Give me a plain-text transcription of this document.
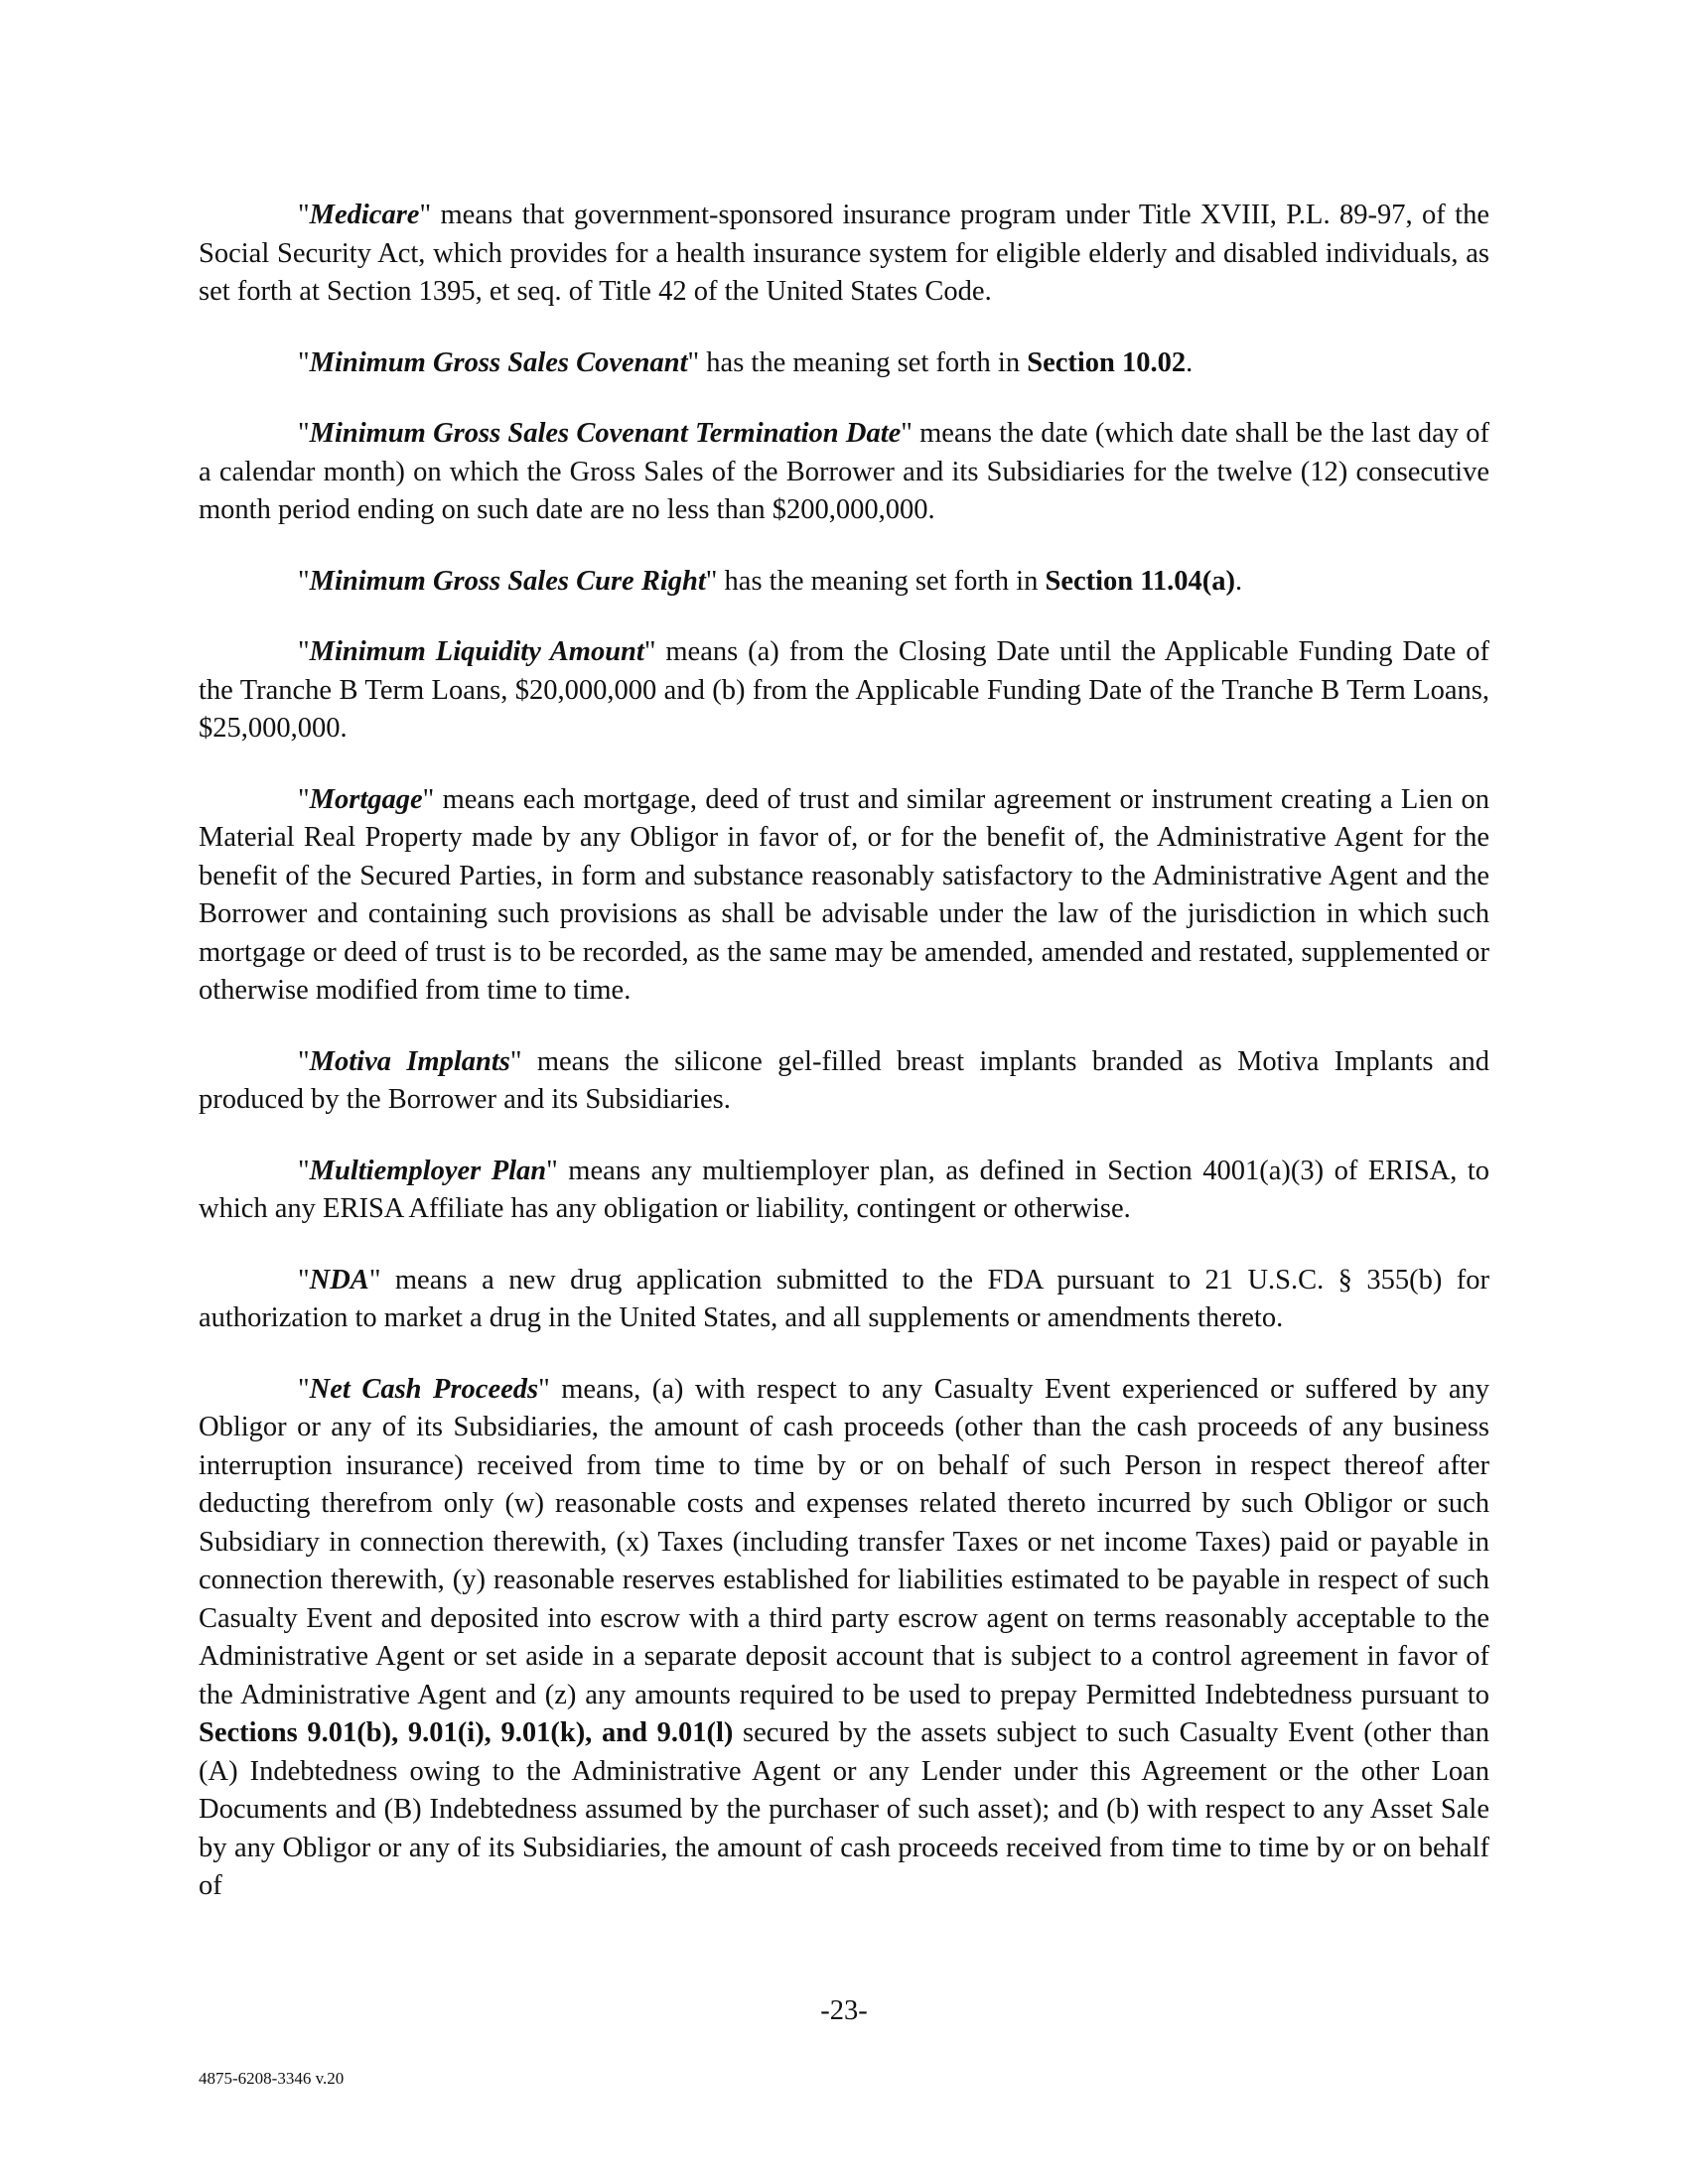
"Medicare" means that government-sponsored insurance program under Title XVIII, P.L. 89-97, of the Social Security Act, which provides for a health insurance system for eligible elderly and disabled individuals, as set forth at Section 1395, et seq. of Title 42 of the United States Code.

"Minimum Gross Sales Covenant" has the meaning set forth in Section 10.02.

"Minimum Gross Sales Covenant Termination Date" means the date (which date shall be the last day of a calendar month) on which the Gross Sales of the Borrower and its Subsidiaries for the twelve (12) consecutive month period ending on such date are no less than $200,000,000.

"Minimum Gross Sales Cure Right" has the meaning set forth in Section 11.04(a).

"Minimum Liquidity Amount" means (a) from the Closing Date until the Applicable Funding Date of the Tranche B Term Loans, $20,000,000 and (b) from the Applicable Funding Date of the Tranche B Term Loans, $25,000,000.

"Mortgage" means each mortgage, deed of trust and similar agreement or instrument creating a Lien on Material Real Property made by any Obligor in favor of, or for the benefit of, the Administrative Agent for the benefit of the Secured Parties, in form and substance reasonably satisfactory to the Administrative Agent and the Borrower and containing such provisions as shall be advisable under the law of the jurisdiction in which such mortgage or deed of trust is to be recorded, as the same may be amended, amended and restated, supplemented or otherwise modified from time to time.

"Motiva Implants" means the silicone gel-filled breast implants branded as Motiva Implants and produced by the Borrower and its Subsidiaries.

"Multiemployer Plan" means any multiemployer plan, as defined in Section 4001(a)(3) of ERISA, to which any ERISA Affiliate has any obligation or liability, contingent or otherwise.

"NDA" means a new drug application submitted to the FDA pursuant to 21 U.S.C. § 355(b) for authorization to market a drug in the United States, and all supplements or amendments thereto.

"Net Cash Proceeds" means, (a) with respect to any Casualty Event experienced or suffered by any Obligor or any of its Subsidiaries, the amount of cash proceeds (other than the cash proceeds of any business interruption insurance) received from time to time by or on behalf of such Person in respect thereof after deducting therefrom only (w) reasonable costs and expenses related thereto incurred by such Obligor or such Subsidiary in connection therewith, (x) Taxes (including transfer Taxes or net income Taxes) paid or payable in connection therewith, (y) reasonable reserves established for liabilities estimated to be payable in respect of such Casualty Event and deposited into escrow with a third party escrow agent on terms reasonably acceptable to the Administrative Agent or set aside in a separate deposit account that is subject to a control agreement in favor of the Administrative Agent and (z) any amounts required to be used to prepay Permitted Indebtedness pursuant to Sections 9.01(b), 9.01(i), 9.01(k), and 9.01(l) secured by the assets subject to such Casualty Event (other than (A) Indebtedness owing to the Administrative Agent or any Lender under this Agreement or the other Loan Documents and (B) Indebtedness assumed by the purchaser of such asset); and (b) with respect to any Asset Sale by any Obligor or any of its Subsidiaries, the amount of cash proceeds received from time to time by or on behalf of

-23-
4875-6208-3346 v.20
